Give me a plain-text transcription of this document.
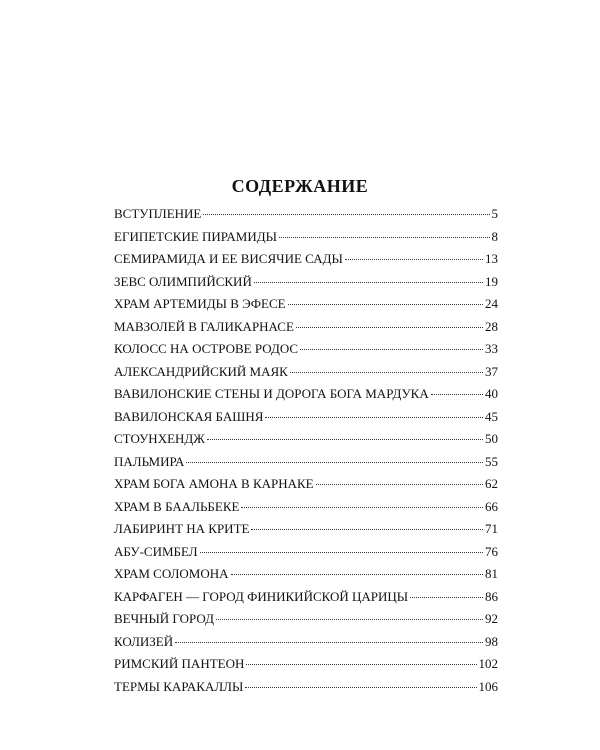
СОДЕРЖАНИЕ
ВСТУПЛЕНИЕ	5
ЕГИПЕТСКИЕ ПИРАМИДЫ	8
СЕМИРАМИДА И ЕЕ ВИСЯЧИЕ САДЫ	13
ЗЕВС ОЛИМПИЙСКИЙ	19
ХРАМ АРТЕМИДЫ В ЭФЕСЕ	24
МАВЗОЛЕЙ В ГАЛИКАРНАСЕ	28
КОЛОСС НА ОСТРОВЕ РОДОС	33
АЛЕКСАНДРИЙСКИЙ МАЯК	37
ВАВИЛОНСКИЕ СТЕНЫ И ДОРОГА БОГА МАРДУКА	40
ВАВИЛОНСКАЯ БАШНЯ	45
СТОУНХЕНДЖ	50
ПАЛЬМИРА	55
ХРАМ БОГА АМОНА В КАРНАКЕ	62
ХРАМ В БААЛЬБЕКЕ	66
ЛАБИРИНТ НА КРИТЕ	71
АБУ-СИМБЕЛ	76
ХРАМ СОЛОМОНА	81
КАРФАГЕН — ГОРОД ФИНИКИЙСКОЙ ЦАРИЦЫ	86
ВЕЧНЫЙ ГОРОД	92
КОЛИЗЕЙ	98
РИМСКИЙ ПАНТЕОН	102
ТЕРМЫ КАРАКАЛЛЫ	106
